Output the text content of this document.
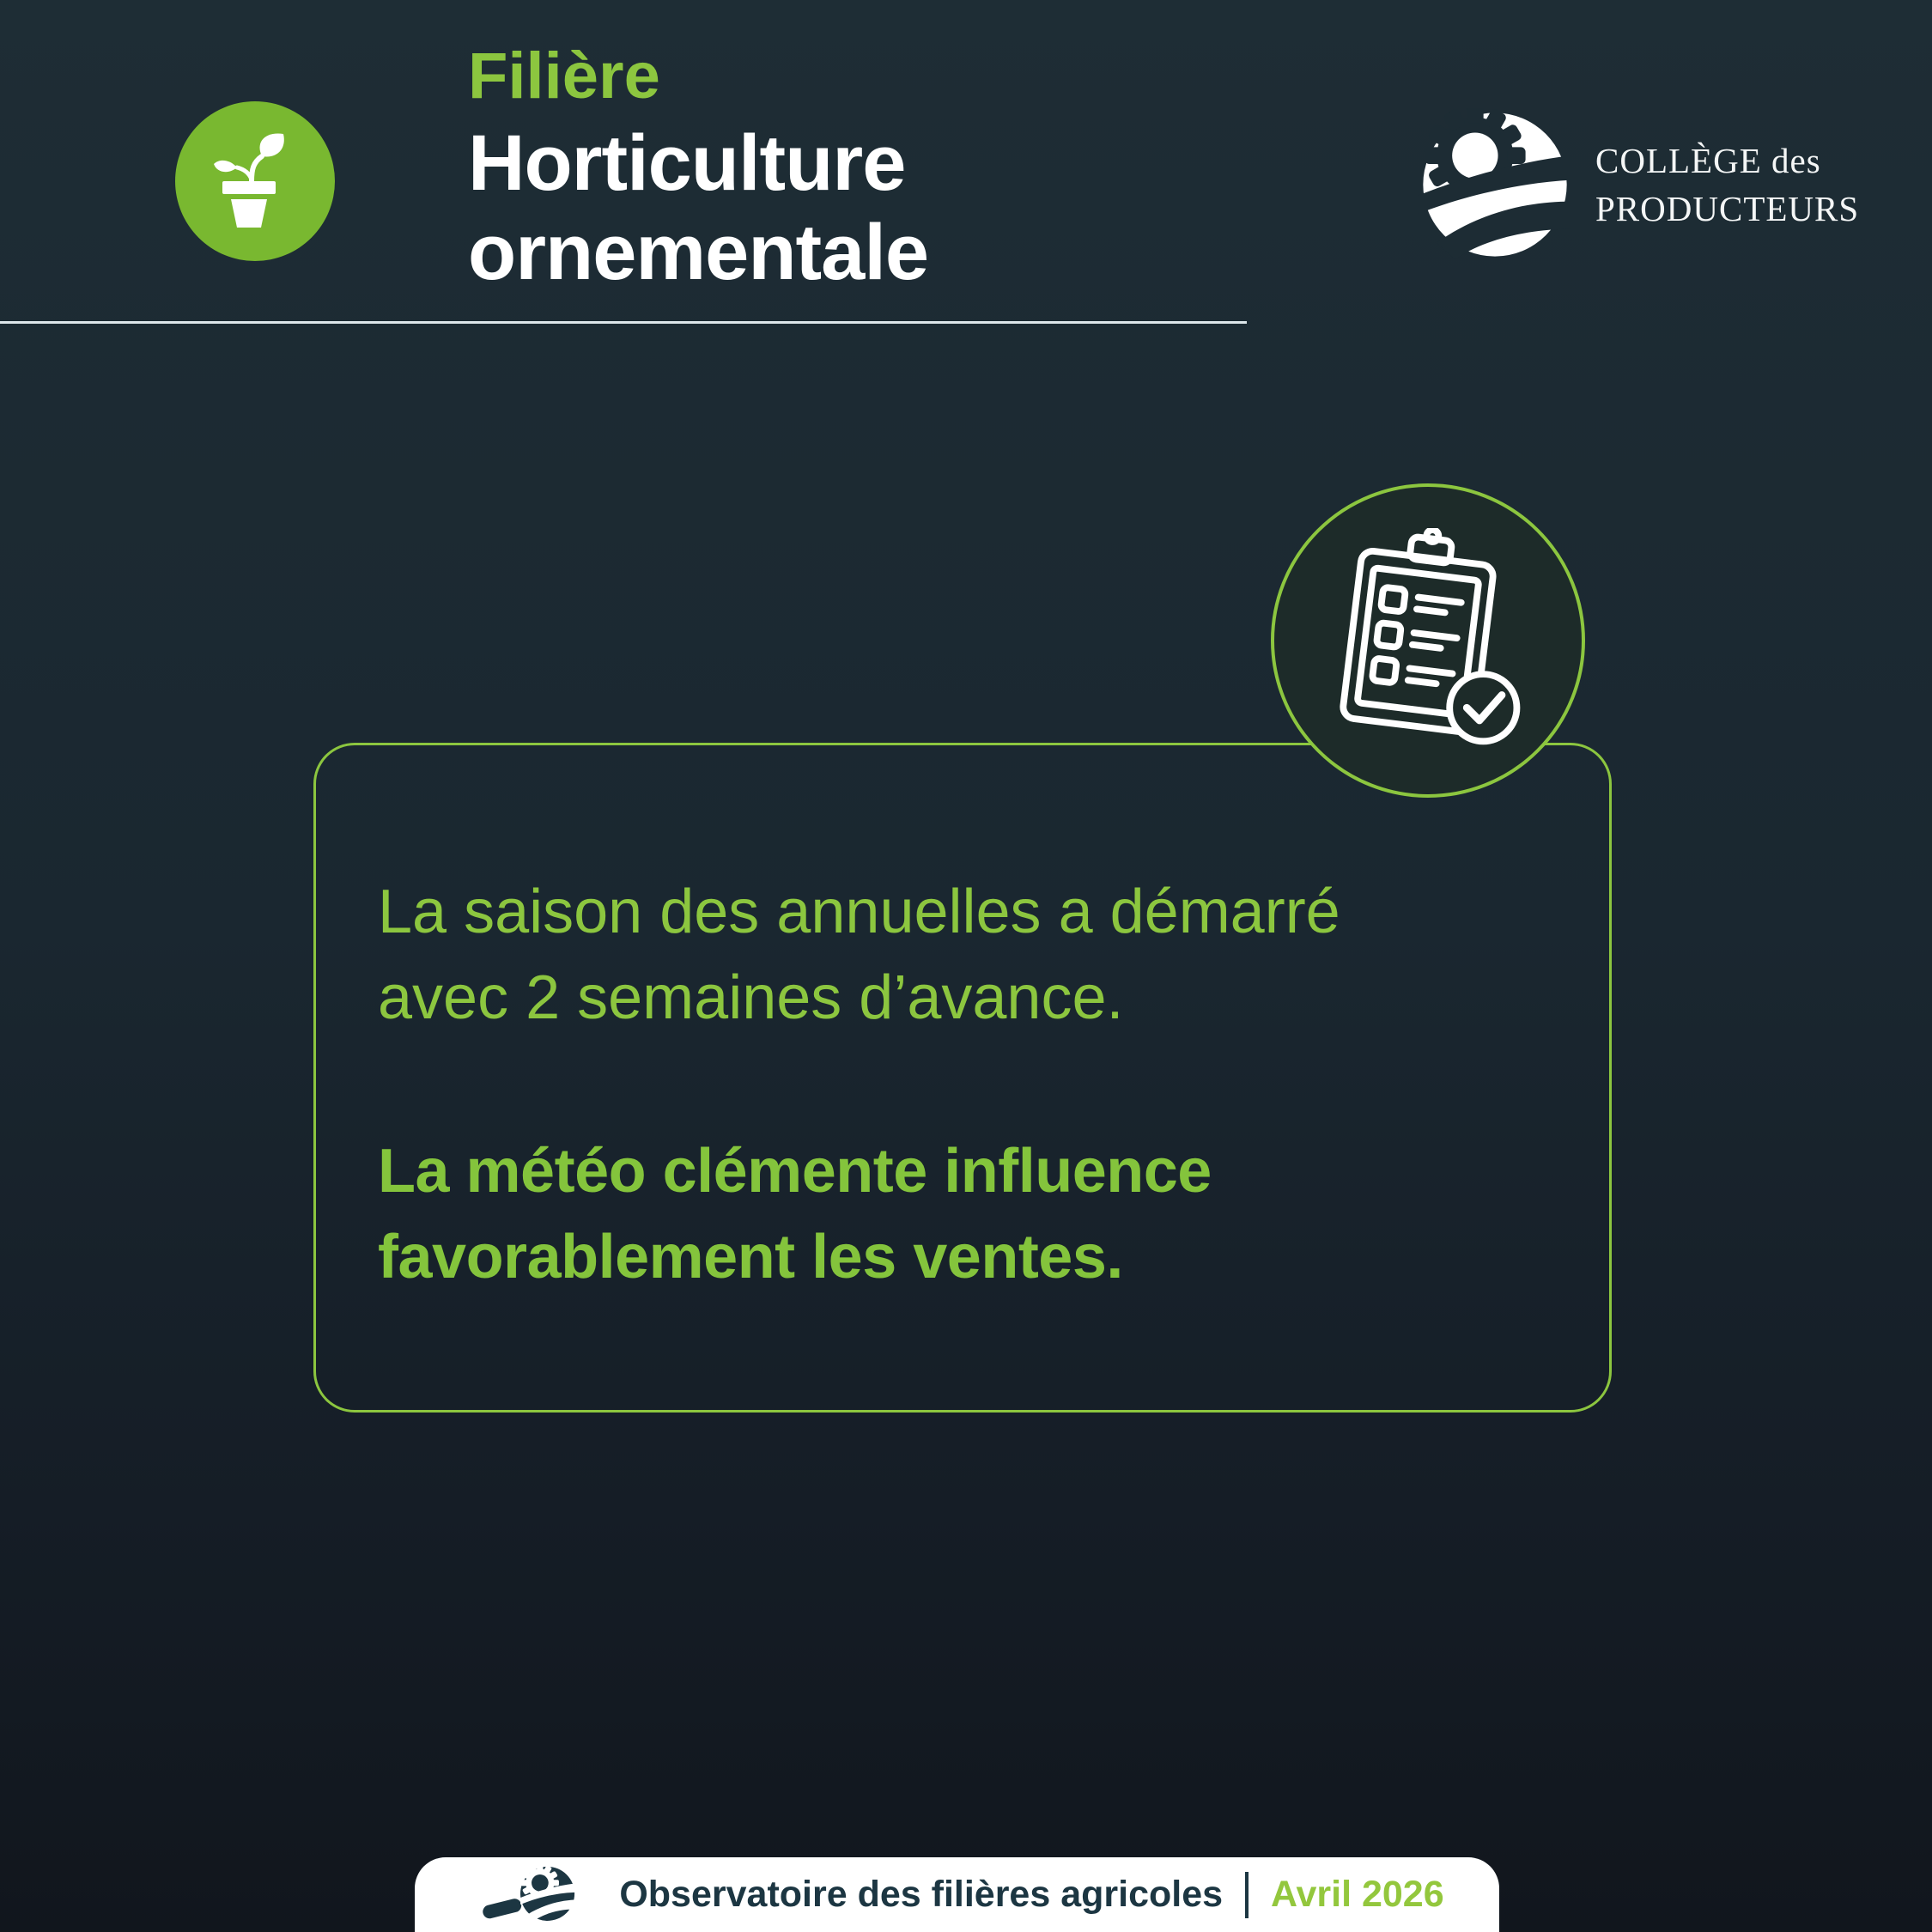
Filière
Horticulture
ornementale
COLLÈGE des
PRODUCTEURS

La saison des annuelles a démarré
avec 2 semaines d’avance.

La météo clémente influence
favorablement les ventes.

Observatoire des filières agricoles Avril 2026
